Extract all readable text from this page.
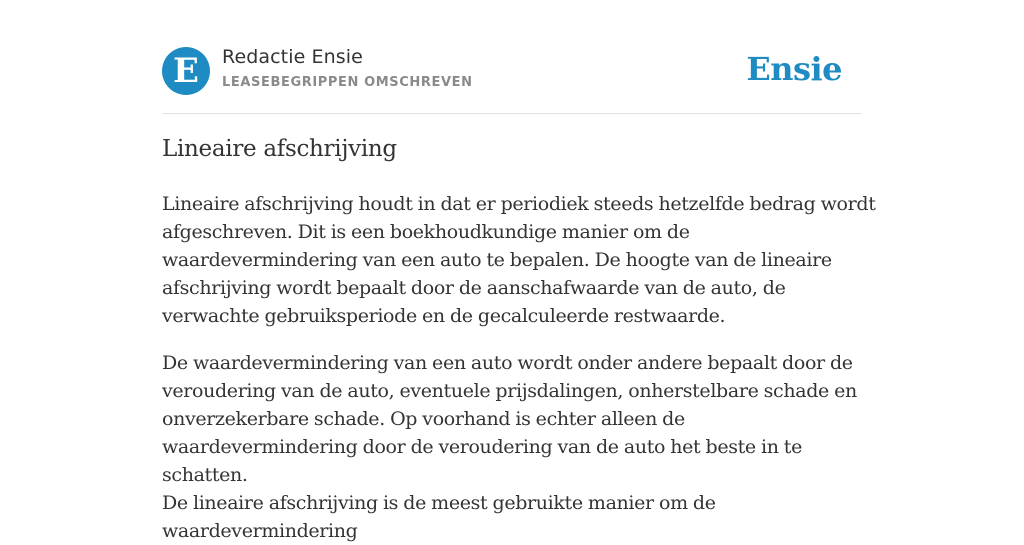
E	Redactie Ensie
LEASEBEGRIPPEN OMSCHREVEN	Ensie
Lineaire afschrijving

Lineaire afschrijving houdt in dat er periodiek steeds hetzelfde bedrag wordt afgeschreven. Dit is een boekhoudkundige manier om de waardevermindering van een auto te bepalen. De hoogte van de lineaire afschrijving wordt bepaalt door de aanschafwaarde van de auto, de verwachte gebruiksperiode en de gecalculeerde restwaarde.

De waardevermindering van een auto wordt onder andere bepaalt door de veroudering van de auto, eventuele prijsdalingen, onherstelbare schade en onverzekerbare schade. Op voorhand is echter alleen de waardevermindering door de veroudering van de auto het beste in te schatten.

De lineaire afschrijving is de meest gebruikte manier om de waardevermindering
